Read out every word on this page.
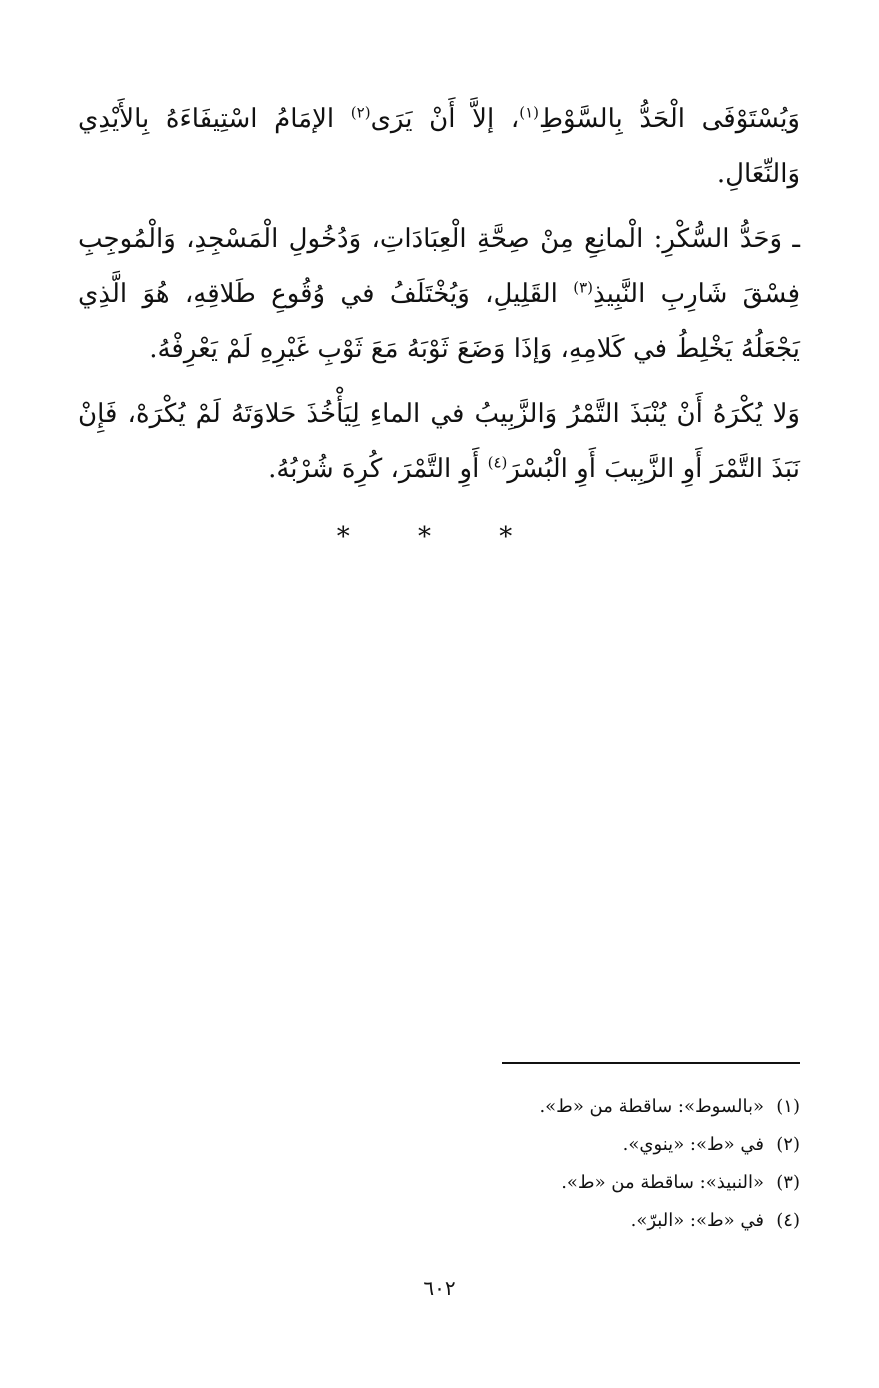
وَيُسْتَوْفَى الْحَدُّ بِالسَّوْطِ$^{(١)}$، إلاَّ أَنْ يَرَى$^{(٢)}$ الإمَامُ اسْتِيفَاءَهُ بِالأَيْدِي وَالنِّعَالِ.

ـ وَحَدُّ السُّكْرِ: الْمانِعِ مِنْ صِحَّةِ الْعِبَادَاتِ، وَدُخُولِ الْمَسْجِدِ، وَالْمُوجِبِ فِسْقَ شَارِبِ النَّبِيذِ$^{(٣)}$ القَلِيلِ، وَيُخْتَلَفُ في وُقُوعِ طَلاقِهِ، هُوَ الَّذِي يَجْعَلُهُ يَخْلِطُ في كَلامِهِ، وَإذَا وَضَعَ ثَوْبَهُ مَعَ ثَوْبِ غَيْرِهِ لَمْ يَعْرِفْهُ.

وَلا يُكْرَهُ أَنْ يُنْبَذَ التَّمْرُ وَالزَّبِيبُ في الماءِ لِيَأْخُذَ حَلاوَتَهُ لَمْ يُكْرَهْ، فَإِنْ نَبَذَ التَّمْرَ أَوِ الزَّبِيبَ أَوِ الْبُسْرَ$^{(٤)}$ أَوِ التَّمْرَ، كُرِهَ شُرْبُهُ.

* * *
(١)«بالسوط»: ساقطة من «ط».
(٢)في «ط»: «ينوي».
(٣)«النبيذ»: ساقطة من «ط».
(٤)في «ط»: «البرّ».
٦٠٢
